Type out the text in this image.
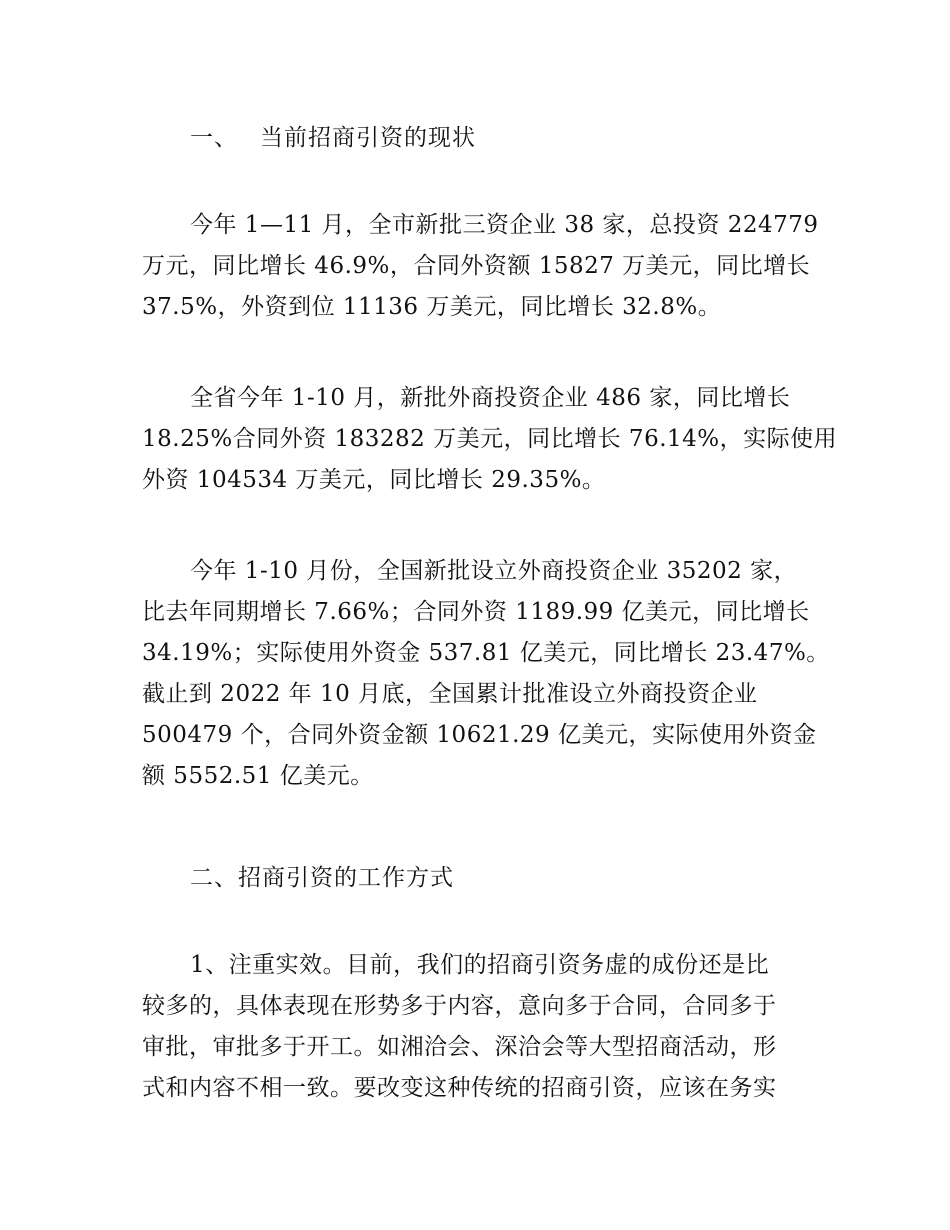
一、 当前招商引资的现状
今年 1—11 月，全市新批三资企业 38 家，总投资 224779
万元，同比增长 46.9%，合同外资额 15827 万美元，同比增长
37.5%，外资到位 11136 万美元，同比增长 32.8%。
全省今年 1-10 月，新批外商投资企业 486 家，同比增长
18.25%合同外资 183282 万美元，同比增长 76.14%，实际使用
外资 104534 万美元，同比增长 29.35%。
今年 1-10 月份，全国新批设立外商投资企业 35202 家，
比去年同期增长 7.66%；合同外资 1189.99 亿美元，同比增长
34.19%；实际使用外资金 537.81 亿美元，同比增长 23.47%。
截止到 2022 年 10 月底，全国累计批准设立外商投资企业
500479 个，合同外资金额 10621.29 亿美元，实际使用外资金
额 5552.51 亿美元。
二、招商引资的工作方式
1、注重实效。目前，我们的招商引资务虚的成份还是比
较多的，具体表现在形势多于内容，意向多于合同，合同多于
审批，审批多于开工。如湘洽会、深洽会等大型招商活动，形
式和内容不相一致。要改变这种传统的招商引资，应该在务实
